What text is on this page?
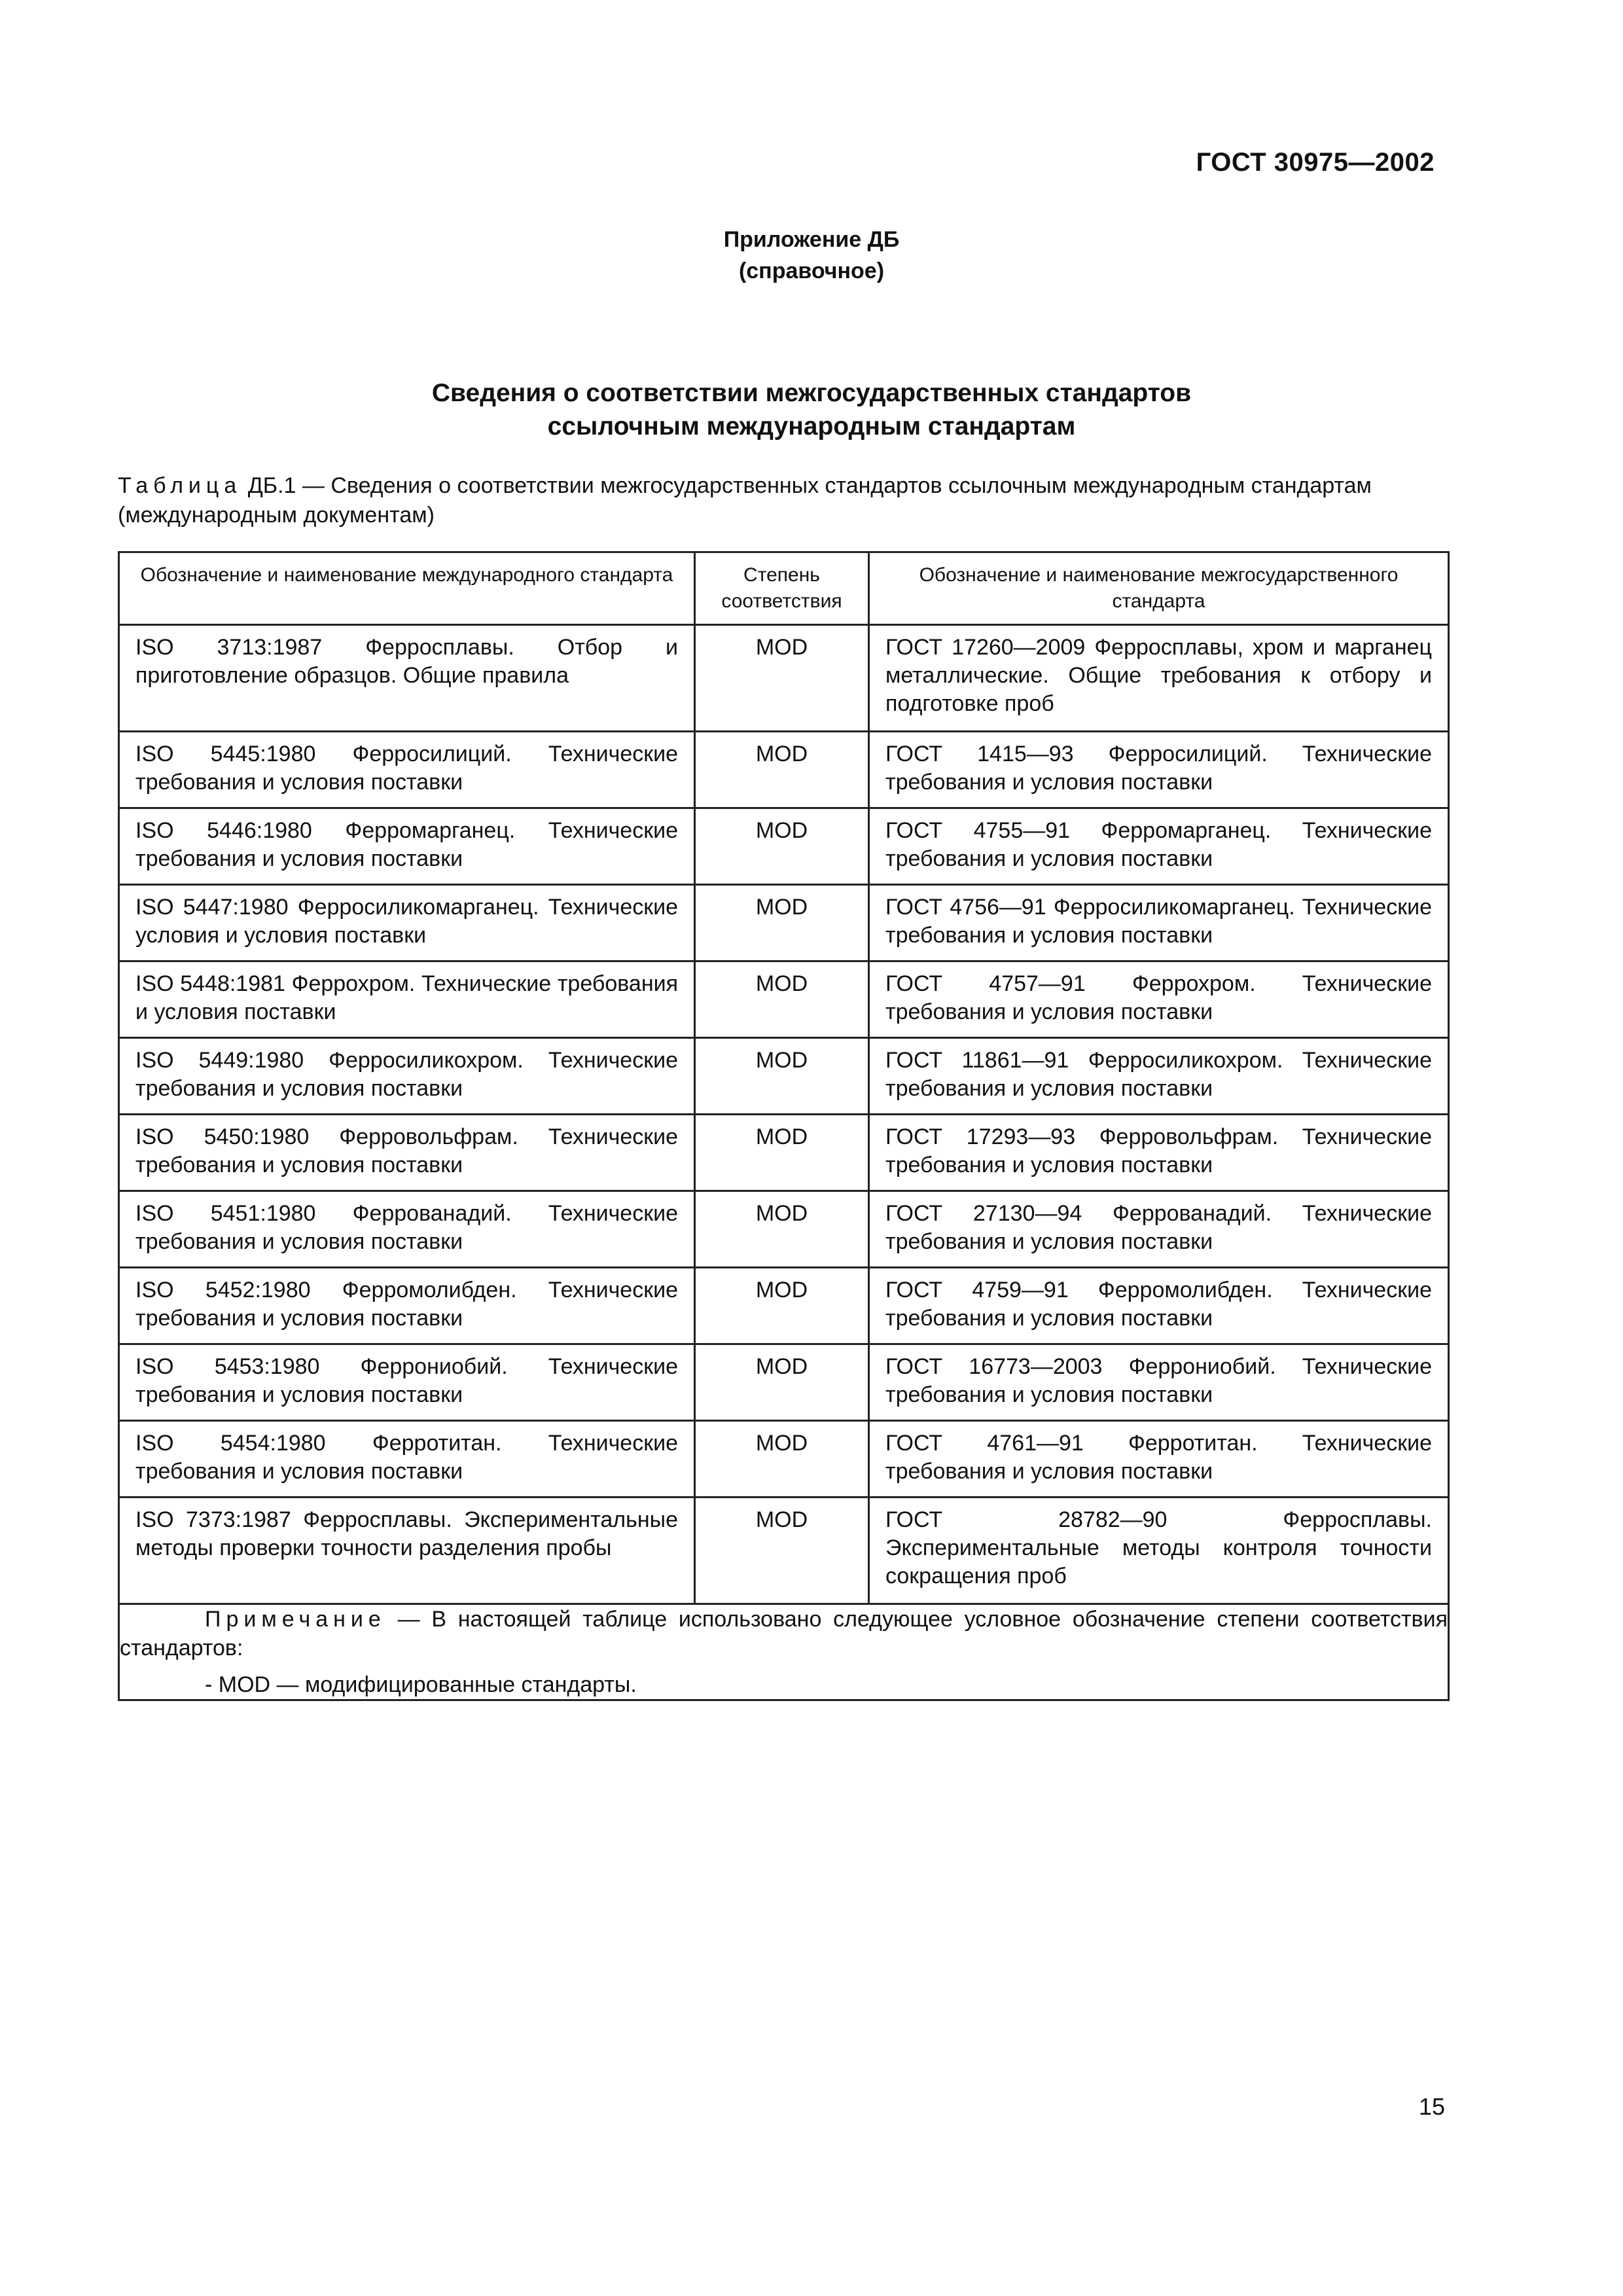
ГОСТ 30975—2002
Приложение ДБ
(справочное)
Сведения о соответствии межгосударственных стандартов
ссылочным международным стандартам
Таблица ДБ.1 — Сведения о соответствии межгосударственных стандартов ссылочным международным стандартам (международным документам)
Обозначение и наименование международного стандарта	Степень соответствия	Обозначение и наименование межгосударственного стандарта
ISO 3713:1987 Ферросплавы. Отбор и приготовление образцов. Общие правила	MOD	ГОСТ 17260—2009 Ферросплавы, хром и марганец металлические. Общие требования к отбору и подготовке проб
ISO 5445:1980 Ферросилиций. Технические требования и условия поставки	MOD	ГОСТ 1415—93 Ферросилиций. Технические требования и условия поставки
ISO 5446:1980 Ферромарганец. Технические требования и условия поставки	MOD	ГОСТ 4755—91 Ферромарганец. Технические требования и условия поставки
ISO 5447:1980 Ферросиликомарганец. Технические условия и условия поставки	MOD	ГОСТ 4756—91 Ферросиликомарганец. Технические требования и условия поставки
ISO 5448:1981 Феррохром. Технические требования и условия поставки	MOD	ГОСТ 4757—91 Феррохром. Технические требования и условия поставки
ISO 5449:1980 Ферросиликохром. Технические требования и условия поставки	MOD	ГОСТ 11861—91 Ферросиликохром. Технические требования и условия поставки
ISO 5450:1980 Ферровольфрам. Технические требования и условия поставки	MOD	ГОСТ 17293—93 Ферровольфрам. Технические требования и условия поставки
ISO 5451:1980 Феррованадий. Технические требования и условия поставки	MOD	ГОСТ 27130—94 Феррованадий. Технические требования и условия поставки
ISO 5452:1980 Ферромолибден. Технические требования и условия поставки	MOD	ГОСТ 4759—91 Ферромолибден. Технические требования и условия поставки
ISO 5453:1980 Феррониобий. Технические требования и условия поставки	MOD	ГОСТ 16773—2003 Феррониобий. Технические требования и условия поставки
ISO 5454:1980 Ферротитан. Технические требования и условия поставки	MOD	ГОСТ 4761—91 Ферротитан. Технические требования и условия поставки
ISO 7373:1987 Ферросплавы. Экспериментальные методы проверки точности разделения пробы	MOD	ГОСТ 28782—90 Ферросплавы. Экспериментальные методы контроля точности сокращения проб

Примечание — В настоящей таблице использовано следующее условное обозначение степени соответствия стандартов:
- MOD — модифицированные стандарты.		
15
